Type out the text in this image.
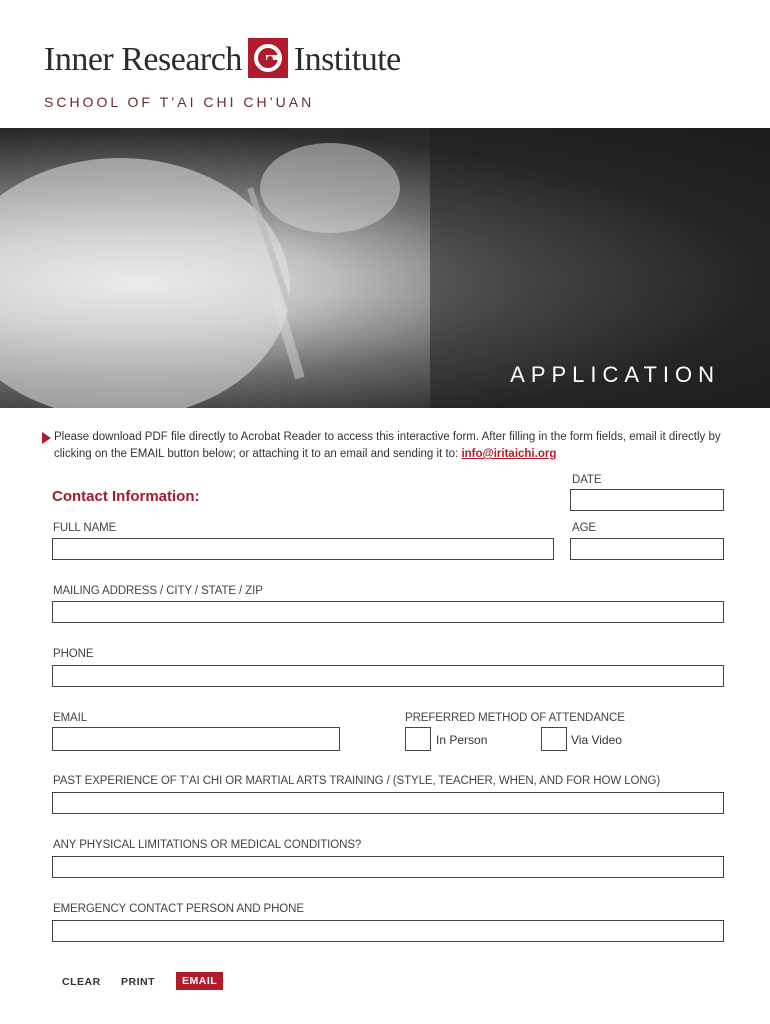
Inner Research Institute
SCHOOL OF T’AI CHI CH’UAN
APPLICATION
Please download PDF file directly to Acrobat Reader to access this interactive form. After filling in the form fields, email it directly by clicking on the EMAIL button below; or attaching it to an email and sending it to: info@iritaichi.org
Contact Information:
DATE
FULL NAME	AGE
MAILING ADDRESS / CITY / STATE / ZIP
PHONE
EMAIL	PREFERRED METHOD OF ATTENDANCE
In Person	Via Video
PAST EXPERIENCE OF T’AI CHI OR MARTIAL ARTS TRAINING / (STYLE, TEACHER, WHEN, AND FOR HOW LONG)
ANY PHYSICAL LIMITATIONS OR MEDICAL CONDITIONS?
EMERGENCY CONTACT PERSON AND PHONE
CLEAR	PRINT	EMAIL
